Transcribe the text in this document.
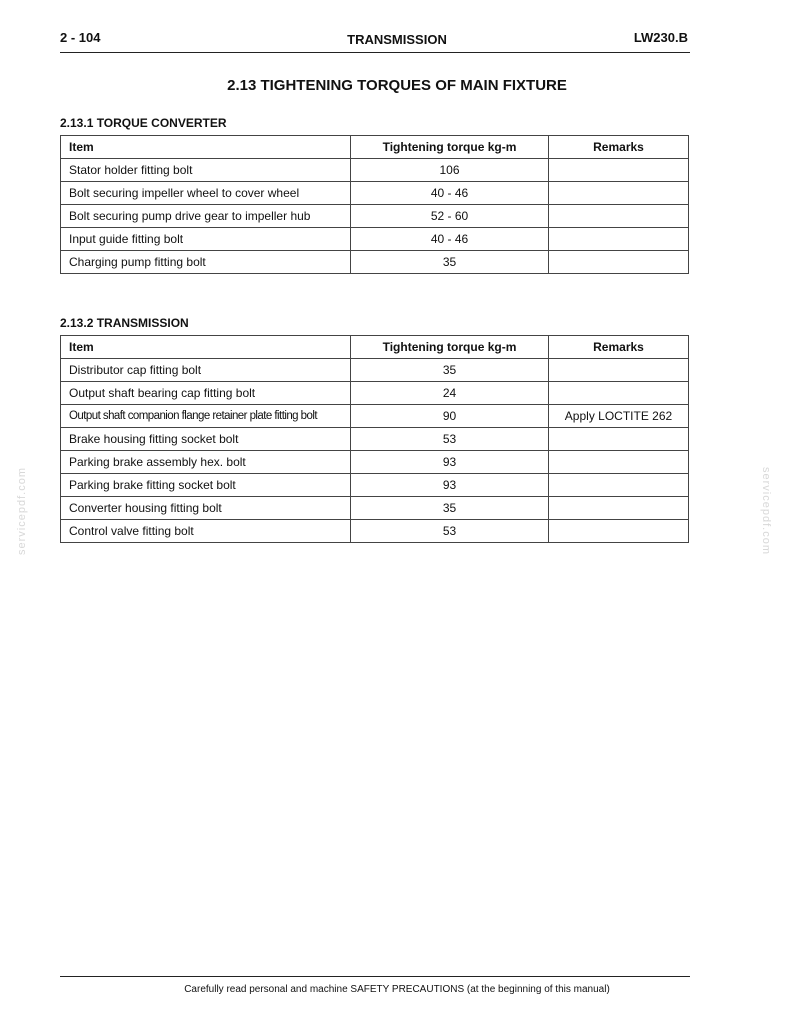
2 - 104	TRANSMISSION	LW230.B
2.13 TIGHTENING TORQUES OF MAIN FIXTURE
2.13.1 TORQUE CONVERTER
Item	Tightening torque kg-m	Remarks
Stator holder fitting bolt	106	
Bolt securing impeller wheel to cover wheel	40 - 46	
Bolt securing pump drive gear to impeller hub	52 - 60	
Input guide fitting bolt	40 - 46	
Charging pump fitting bolt	35	
2.13.2 TRANSMISSION
Item	Tightening torque kg-m	Remarks
Distributor cap fitting bolt	35	
Output shaft bearing cap fitting bolt	24	
Output shaft companion flange retainer plate fitting bolt	90	Apply LOCTITE 262
Brake housing fitting socket bolt	53	
Parking brake assembly hex. bolt	93	
Parking brake fitting socket bolt	93	
Converter housing fitting bolt	35	
Control valve fitting bolt	53	
servicepdf.com	servicepdf.com
Carefully read personal and machine SAFETY PRECAUTIONS (at the beginning of this manual)
